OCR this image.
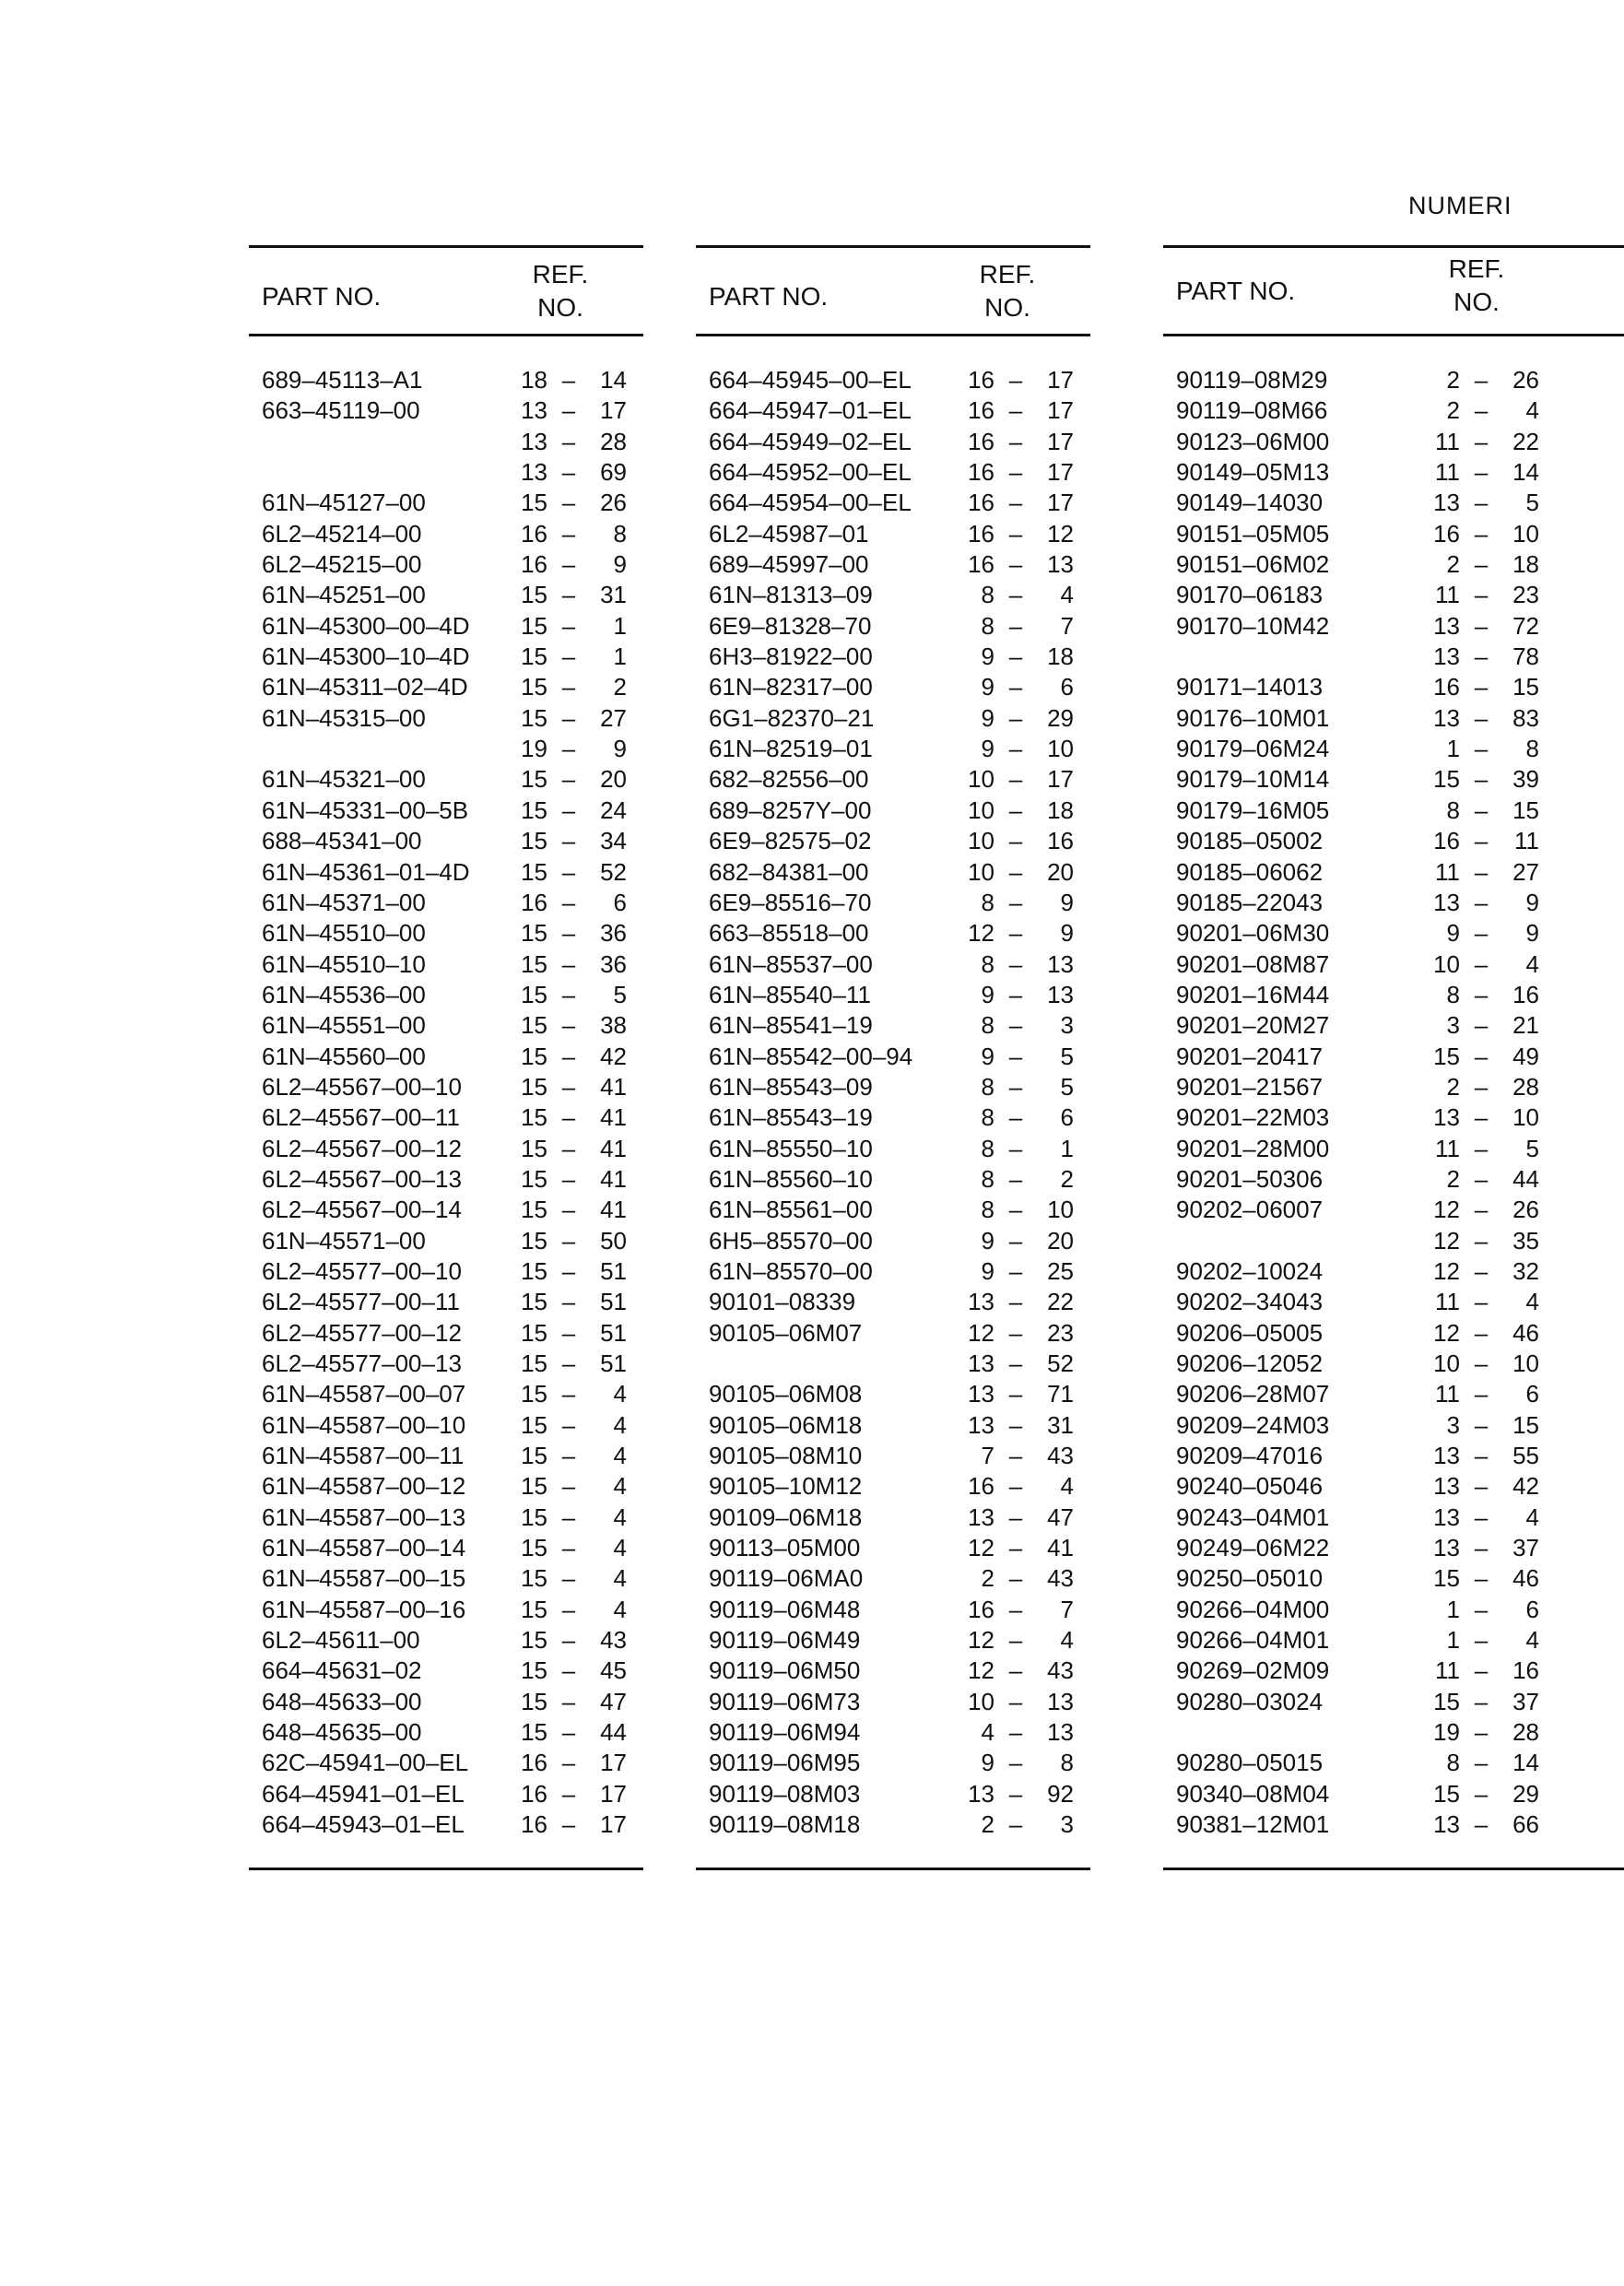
NUMERI
PART NO.
REF.
NO.
689–45113–A1	18 – 14
663–45119–00	13 – 17
13 – 28
13 – 69
61N–45127–00	15 – 26
6L2–45214–00	16 – 8
6L2–45215–00	16 – 9
61N–45251–00	15 – 31
61N–45300–00–4D	15 – 1
61N–45300–10–4D	15 – 1
61N–45311–02–4D	15 – 2
61N–45315–00	15 – 27
19 – 9
61N–45321–00	15 – 20
61N–45331–00–5B	15 – 24
688–45341–00	15 – 34
61N–45361–01–4D	15 – 52
61N–45371–00	16 – 6
61N–45510–00	15 – 36
61N–45510–10	15 – 36
61N–45536–00	15 – 5
61N–45551–00	15 – 38
61N–45560–00	15 – 42
6L2–45567–00–10	15 – 41
6L2–45567–00–11	15 – 41
6L2–45567–00–12	15 – 41
6L2–45567–00–13	15 – 41
6L2–45567–00–14	15 – 41
61N–45571–00	15 – 50
6L2–45577–00–10	15 – 51
6L2–45577–00–11	15 – 51
6L2–45577–00–12	15 – 51
6L2–45577–00–13	15 – 51
61N–45587–00–07	15 – 4
61N–45587–00–10	15 – 4
61N–45587–00–11	15 – 4
61N–45587–00–12	15 – 4
61N–45587–00–13	15 – 4
61N–45587–00–14	15 – 4
61N–45587–00–15	15 – 4
61N–45587–00–16	15 – 4
6L2–45611–00	15 – 43
664–45631–02	15 – 45
648–45633–00	15 – 47
648–45635–00	15 – 44
62C–45941–00–EL	16 – 17
664–45941–01–EL	16 – 17
664–45943–01–EL	16 – 17
PART NO.
REF.
NO.
664–45945–00–EL	16 – 17
664–45947–01–EL	16 – 17
664–45949–02–EL	16 – 17
664–45952–00–EL	16 – 17
664–45954–00–EL	16 – 17
6L2–45987–01	16 – 12
689–45997–00	16 – 13
61N–81313–09	8 – 4
6E9–81328–70	8 – 7
6H3–81922–00	9 – 18
61N–82317–00	9 – 6
6G1–82370–21	9 – 29
61N–82519–01	9 – 10
682–82556–00	10 – 17
689–8257Y–00	10 – 18
6E9–82575–02	10 – 16
682–84381–00	10 – 20
6E9–85516–70	8 – 9
663–85518–00	12 – 9
61N–85537–00	8 – 13
61N–85540–11	9 – 13
61N–85541–19	8 – 3
61N–85542–00–94	9 – 5
61N–85543–09	8 – 5
61N–85543–19	8 – 6
61N–85550–10	8 – 1
61N–85560–10	8 – 2
61N–85561–00	8 – 10
6H5–85570–00	9 – 20
61N–85570–00	9 – 25
90101–08339	13 – 22
90105–06M07	12 – 23
13 – 52
90105–06M08	13 – 71
90105–06M18	13 – 31
90105–08M10	7 – 43
90105–10M12	16 – 4
90109–06M18	13 – 47
90113–05M00	12 – 41
90119–06MA0	2 – 43
90119–06M48	16 – 7
90119–06M49	12 – 4
90119–06M50	12 – 43
90119–06M73	10 – 13
90119–06M94	4 – 13
90119–06M95	9 – 8
90119–08M03	13 – 92
90119–08M18	2 – 3
PART NO.
REF.
NO.
90119–08M29	2 – 26
90119–08M66	2 – 4
90123–06M00	11 – 22
90149–05M13	11 – 14
90149–14030	13 – 5
90151–05M05	16 – 10
90151–06M02	2 – 18
90170–06183	11 – 23
90170–10M42	13 – 72
13 – 78
90171–14013	16 – 15
90176–10M01	13 – 83
90179–06M24	1 – 8
90179–10M14	15 – 39
90179–16M05	8 – 15
90185–05002	16 – 11
90185–06062	11 – 27
90185–22043	13 – 9
90201–06M30	9 – 9
90201–08M87	10 – 4
90201–16M44	8 – 16
90201–20M27	3 – 21
90201–20417	15 – 49
90201–21567	2 – 28
90201–22M03	13 – 10
90201–28M00	11 – 5
90201–50306	2 – 44
90202–06007	12 – 26
12 – 35
90202–10024	12 – 32
90202–34043	11 – 4
90206–05005	12 – 46
90206–12052	10 – 10
90206–28M07	11 – 6
90209–24M03	3 – 15
90209–47016	13 – 55
90240–05046	13 – 42
90243–04M01	13 – 4
90249–06M22	13 – 37
90250–05010	15 – 46
90266–04M00	1 – 6
90266–04M01	1 – 4
90269–02M09	11 – 16
90280–03024	15 – 37
19 – 28
90280–05015	8 – 14
90340–08M04	15 – 29
90381–12M01	13 – 66
